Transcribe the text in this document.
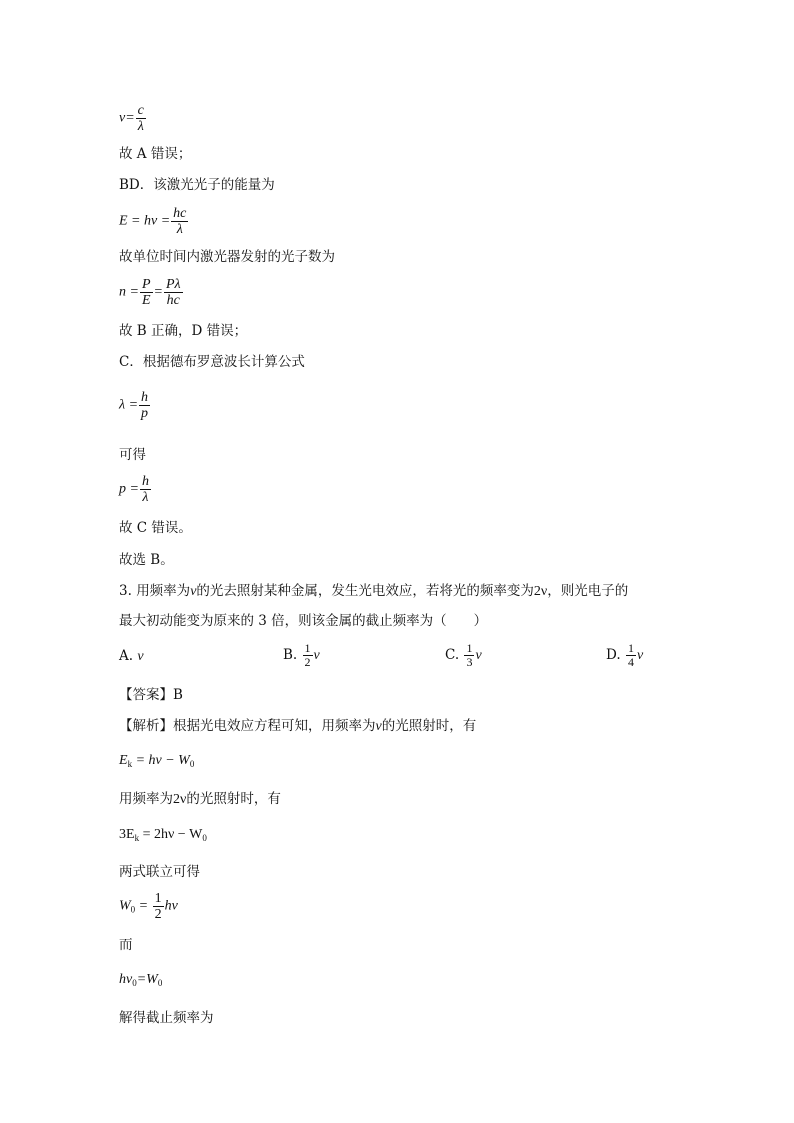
$\nu= \frac{c}{\lambda}$
故 A 错误；
BD．该激光光子的能量为
$E = h\nu = \frac{hc}{\lambda}$
故单位时间内激光器发射的光子数为
$n = \frac{P}{E} = \frac{P\lambda}{hc}$
故 B 正确，D 错误；
C．根据德布罗意波长计算公式
$\lambda = \frac{h}{p}$
可得
$p = \frac{h}{\lambda}$
故 C 错误。
故选 B。
3. 用频率为ν的光去照射某种金属，发生光电效应，若将光的频率变为2ν，则光电子的
最大初动能变为原来的 3 倍，则该金属的截止频率为（　　）
A. ν	B. $\frac{1}{2}$ ν	C. $\frac{1}{3}$ ν	D. $\frac{1}{4}$ ν
【答案】B
【解析】根据光电效应方程可知，用频率为ν的光照射时，有
$E_k = h\nu - W_0$
用频率为2ν的光照射时，有
$3E_k = 2h\nu - W_0$
两式联立可得
$W_0 = \frac{1}{2}$ hν
而
$h\nu_0=W_0$
解得截止频率为
